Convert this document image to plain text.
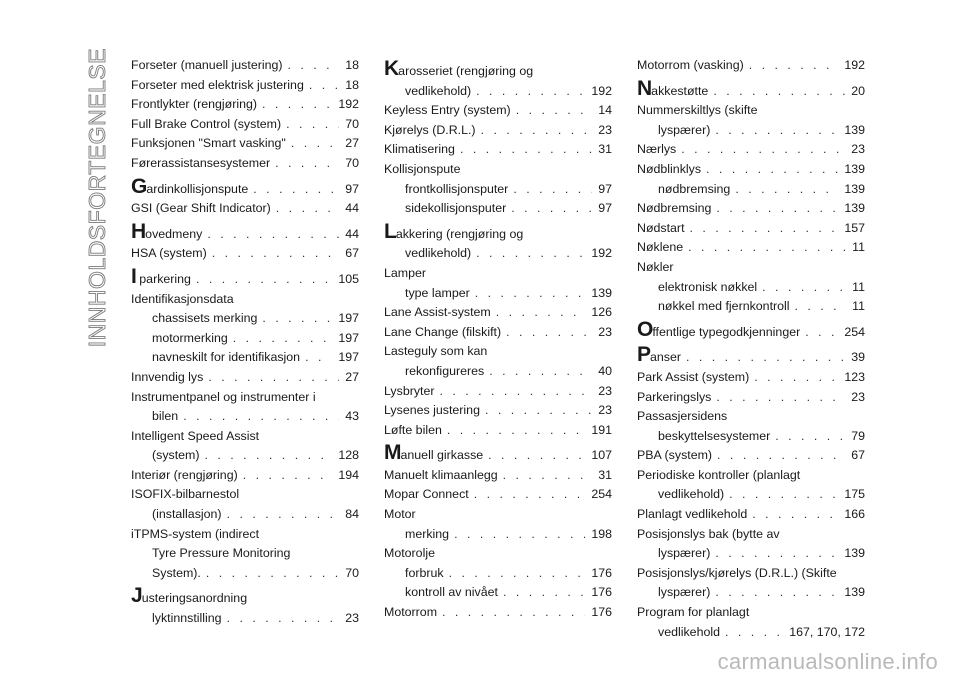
INNHOLDSFORTEGNELSE Forseter (manuell justering) . . .	18
Forseter med elektrisk justering . . .	18
Frontlykter (rengjøring) . . .	192
Full Brake Control (system) . . .	70
Funksjonen "Smart vasking" . . .	27
Førerassistansesystemer . . .	70
Gardinkollisjonspute . . .	97
GSI (Gear Shift Indicator) . . .	44
Hovedmeny . . .	44
HSA (system) . . .	67
I parkering . . .	105
Identifikasjonsdata
chassisets merking . . .	197
motormerking . . .	197
navneskilt for identifikasjon . . .	197
Innvendig lys . . .	27
Instrumentpanel og instrumenter i
bilen . . .	43
Intelligent Speed Assist
(system) . . .	128
Interiør (rengjøring) . . .	194
ISOFIX-bilbarnestol
(installasjon) . . .	84
iTPMS-system (indirect
Tyre Pressure Monitoring
System). . . .	70
Justeringsanordning
lyktinnstilling . . .	23
Karosseriet (rengjøring og
vedlikehold) . . .	192
Keyless Entry (system) . . .	14
Kjørelys (D.R.L.) . . .	23
Klimatisering . . .	31
Kollisjonspute
frontkollisjonsputer . . .	97
sidekollisjonsputer . . .	97
Lakkering (rengjøring og
vedlikehold) . . .	192
Lamper
type lamper . . .	139
Lane Assist-system . . .	126
Lane Change (filskift) . . .	23
Lasteguly som kan
rekonfigureres . . .	40
Lysbryter . . .	23
Lysenes justering . . .	23
Løfte bilen . . .	191
Manuell girkasse . . .	107
Manuelt klimaanlegg . . .	31
Mopar Connect . . .	254
Motor
merking . . .	198
Motorolje
forbruk . . .	176
kontroll av nivået . . .	176
Motorrom . . .	176
Motorrom (vasking) . . .	192
Nakkestøtte . . .	20
Nummerskiltlys (skifte
lyspærer) . . .	139
Nærlys . . .	23
Nødblinklys . . .	139
nødbremsing . . .	139
Nødbremsing . . .	139
Nødstart . . .	157
Nøklene . . .	11
Nøkler
elektronisk nøkkel . . .	11
nøkkel med fjernkontroll . . .	11
Offentlige typegodkjenninger . . .	254
Panser . . .	39
Park Assist (system) . . .	123
Parkeringslys . . .	23
Passasjersidens
beskyttelsesystemer . . .	79
PBA (system) . . .	67
Periodiske kontroller (planlagt
vedlikehold) . . .	175
Planlagt vedlikehold . . .	166
Posisjonslys bak (bytte av
lyspærer) . . .	139
Posisjonslys/kjørelys (D.R.L.) (Skifte
lyspærer) . . .	139
Program for planlagt
vedlikehold . . .	167, 170, 172
carmanualsonline.info
